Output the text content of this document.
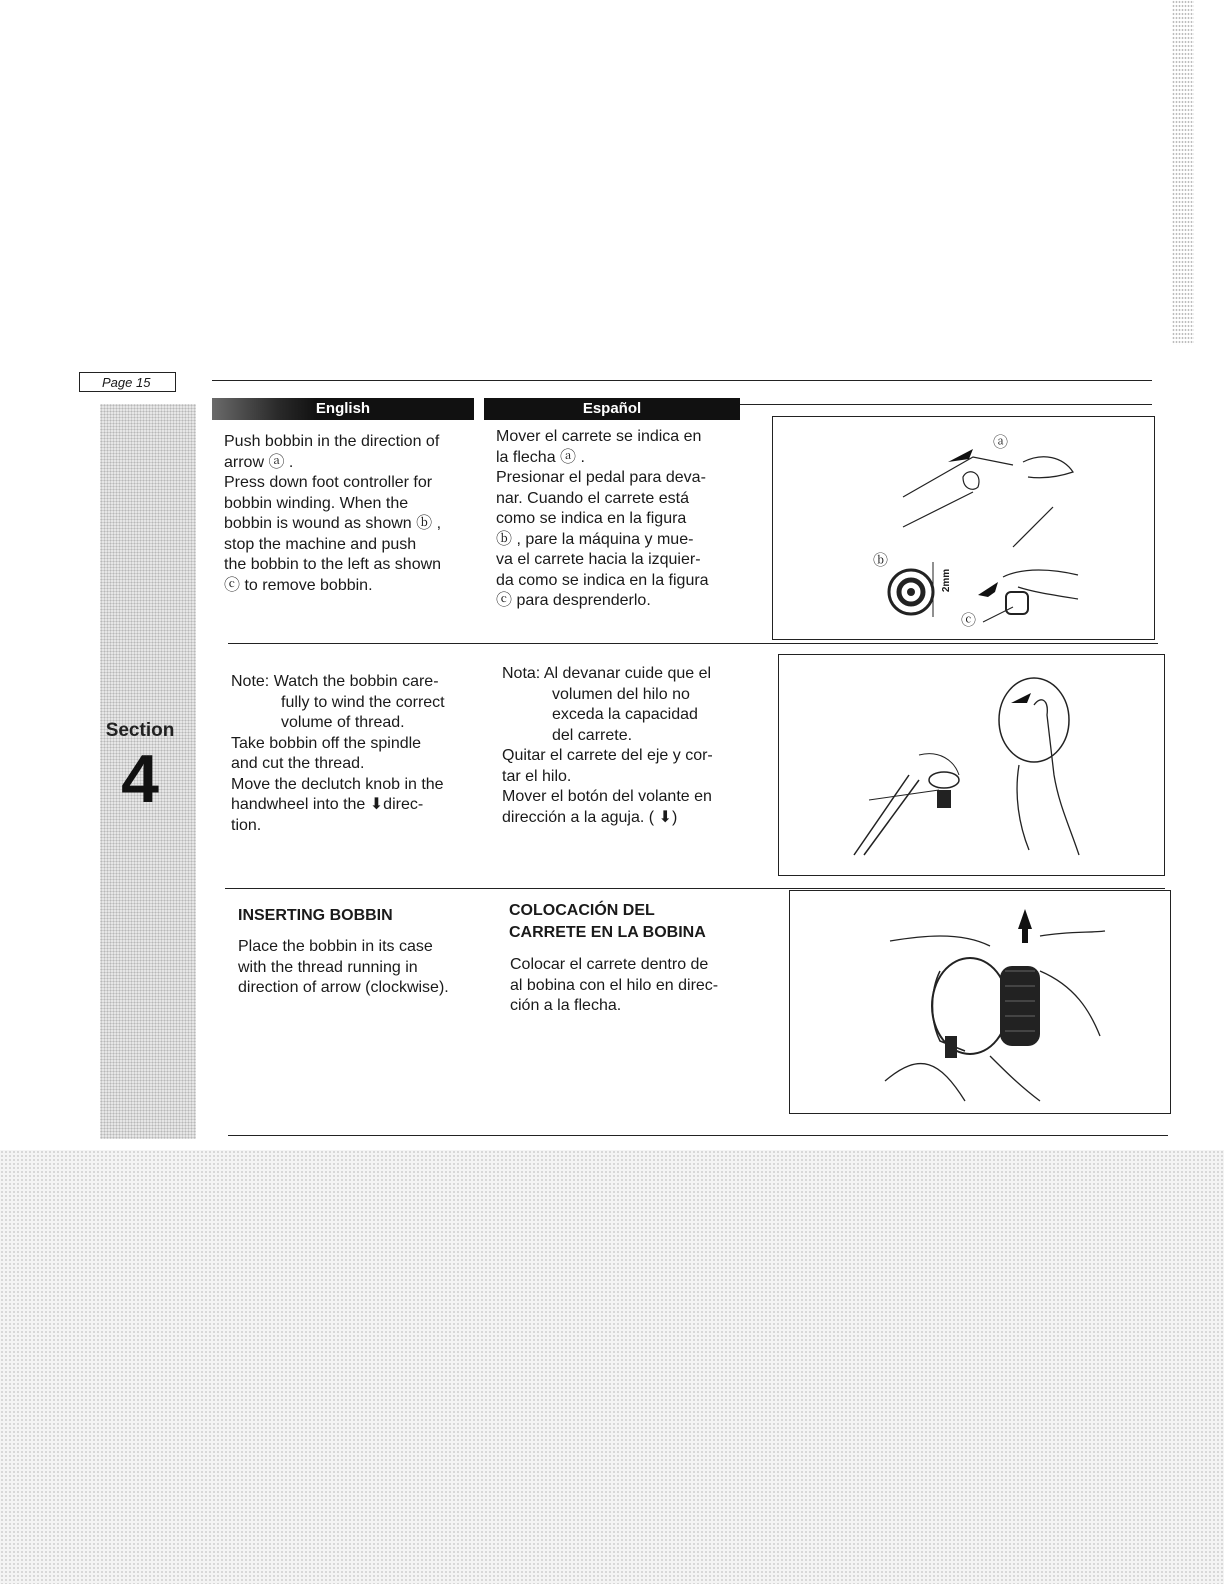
Page 15
Section
4
English	Español

Push bobbin in the direction of

arrow ⓐ .

Press down foot controller for

bobbin winding. When the

bobbin is wound as shown ⓑ ,

stop the machine and push

the bobbin to the left as shown

ⓒ to remove bobbin.

Mover el carrete se indica en

la flecha ⓐ .

Presionar el pedal para deva-

nar. Cuando el carrete está

como se indica en la figura

ⓑ , pare la máquina y mue-

va el carrete hacia la izquier-

da como se indica en la figura

ⓒ para desprenderlo.

ⓐ
ⓑ
ⓒ
2mm

Note: Watch the bobbin care-

fully to wind the correct

volume of thread.

Take bobbin off the spindle

and cut the thread.

Move the declutch knob in the

handwheel into the ⬇direc-

tion.

Nota: Al devanar cuide que el

volumen del hilo no

exceda la capacidad

del carrete.

Quitar el carrete del eje y cor-

tar el hilo.

Mover el botón del volante en

dirección a la aguja. ( ⬇)

INSERTING BOBBIN

Place the bobbin in its case

with the thread running in

direction of arrow (clockwise).

COLOCACIÓN DEL
CARRETE EN LA BOBINA

Colocar el carrete dentro de

al bobina con el hilo en direc-

ción a la flecha.
